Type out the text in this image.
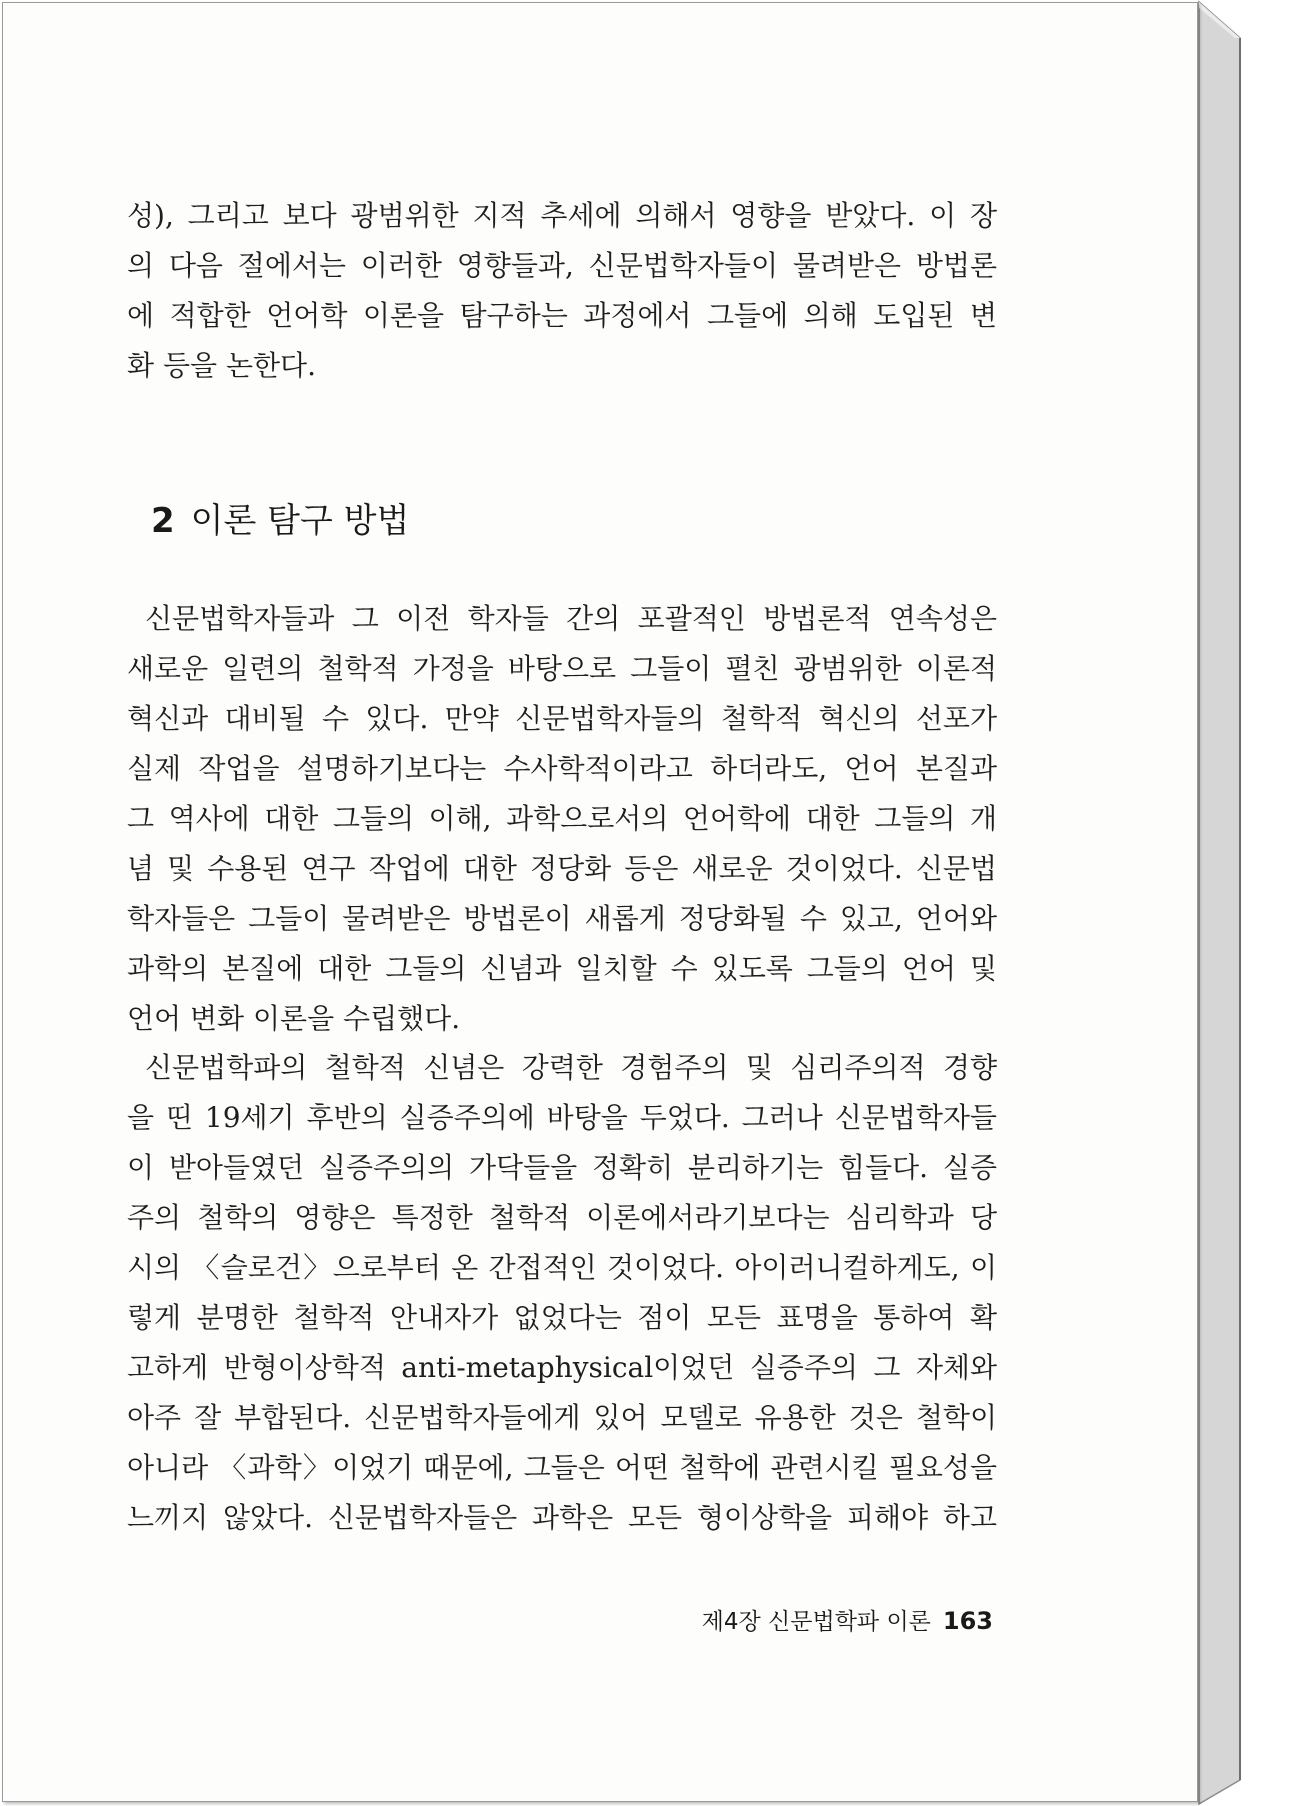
성), 그리고 보다 광범위한 지적 추세에 의해서 영향을 받았다. 이 장
의 다음 절에서는 이러한 영향들과, 신문법학자들이 물려받은 방법론
에 적합한 언어학 이론을 탐구하는 과정에서 그들에 의해 도입된 변
화 등을 논한다.
2 이론 탐구 방법
신문법학자들과 그 이전 학자들 간의 포괄적인 방법론적 연속성은
새로운 일련의 철학적 가정을 바탕으로 그들이 펼친 광범위한 이론적
혁신과 대비될 수 있다. 만약 신문법학자들의 철학적 혁신의 선포가
실제 작업을 설명하기보다는 수사학적이라고 하더라도, 언어 본질과
그 역사에 대한 그들의 이해, 과학으로서의 언어학에 대한 그들의 개
념 및 수용된 연구 작업에 대한 정당화 등은 새로운 것이었다. 신문법
학자들은 그들이 물려받은 방법론이 새롭게 정당화될 수 있고, 언어와
과학의 본질에 대한 그들의 신념과 일치할 수 있도록 그들의 언어 및
언어 변화 이론을 수립했다.
신문법학파의 철학적 신념은 강력한 경험주의 및 심리주의적 경향
을 띤 19세기 후반의 실증주의에 바탕을 두었다. 그러나 신문법학자들
이 받아들였던 실증주의의 가닥들을 정확히 분리하기는 힘들다. 실증
주의 철학의 영향은 특정한 철학적 이론에서라기보다는 심리학과 당
시의 〈슬로건〉으로부터 온 간접적인 것이었다. 아이러니컬하게도, 이
렇게 분명한 철학적 안내자가 없었다는 점이 모든 표명을 통하여 확
고하게 반형이상학적 anti-metaphysical이었던 실증주의 그 자체와
아주 잘 부합된다. 신문법학자들에게 있어 모델로 유용한 것은 철학이
아니라 〈과학〉이었기 때문에, 그들은 어떤 철학에 관련시킬 필요성을
느끼지 않았다. 신문법학자들은 과학은 모든 형이상학을 피해야 하고
제4장 신문법학파 이론 163
